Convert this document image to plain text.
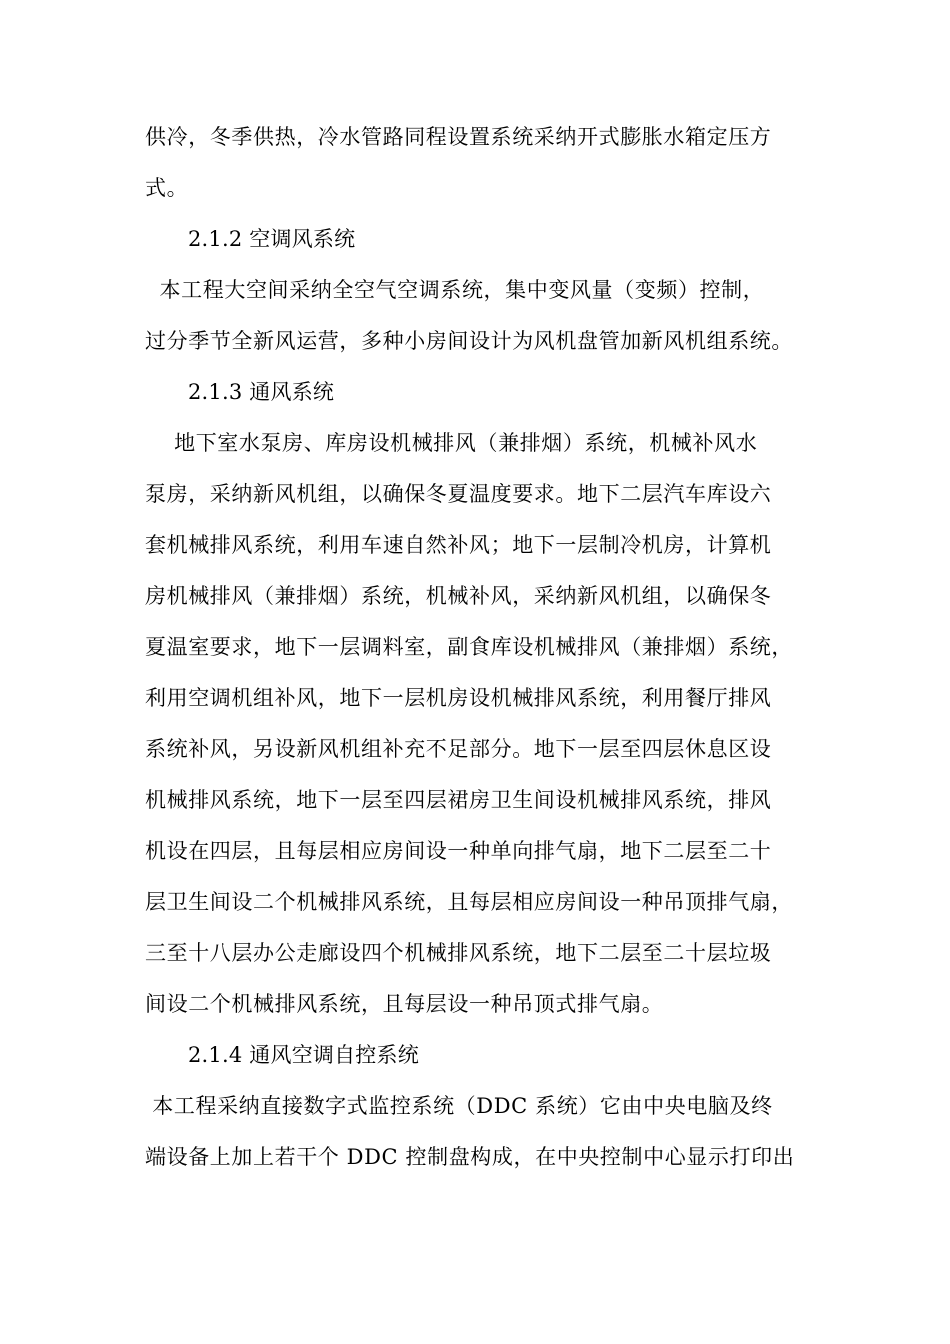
供冷，冬季供热，冷水管路同程设置系统采纳开式膨胀水箱定压方
式。
2.1.2 空调风系统
本工程大空间采纳全空气空调系统，集中变风量（变频）控制，
过分季节全新风运营，多种小房间设计为风机盘管加新风机组系统。
2.1.3 通风系统
地下室水泵房、库房设机械排风（兼排烟）系统，机械补风水
泵房，采纳新风机组，以确保冬夏温度要求。地下二层汽车库设六
套机械排风系统，利用车速自然补风；地下一层制冷机房，计算机
房机械排风（兼排烟）系统，机械补风，采纳新风机组，以确保冬
夏温室要求，地下一层调料室，副食库设机械排风（兼排烟）系统，
利用空调机组补风，地下一层机房设机械排风系统，利用餐厅排风
系统补风，另设新风机组补充不足部分。地下一层至四层休息区设
机械排风系统，地下一层至四层裙房卫生间设机械排风系统，排风
机设在四层，且每层相应房间设一种单向排气扇，地下二层至二十
层卫生间设二个机械排风系统，且每层相应房间设一种吊顶排气扇，
三至十八层办公走廊设四个机械排风系统，地下二层至二十层垃圾
间设二个机械排风系统，且每层设一种吊顶式排气扇。
2.1.4 通风空调自控系统
本工程采纳直接数字式监控系统（DDC 系统）它由中央电脑及终
端设备上加上若干个 DDC 控制盘构成，在中央控制中心显示打印出
